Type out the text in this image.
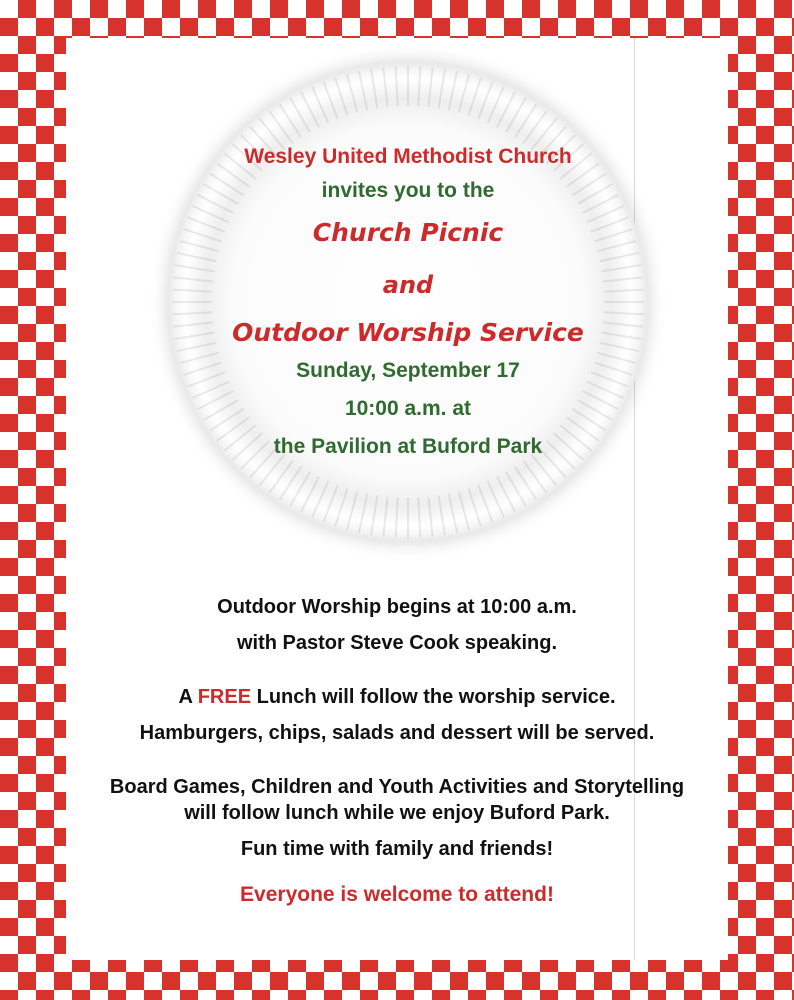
Wesley United Methodist Church
invites you to the
Church Picnic
and
Outdoor Worship Service
Sunday, September 17
10:00 a.m. at
the Pavilion at Buford Park
Outdoor Worship begins at 10:00 a.m.
with Pastor Steve Cook speaking.
A FREE Lunch will follow the worship service.
Hamburgers, chips, salads and dessert will be served.
Board Games, Children and Youth Activities and Storytelling
will follow lunch while we enjoy Buford Park.
Fun time with family and friends!
Everyone is welcome to attend!
